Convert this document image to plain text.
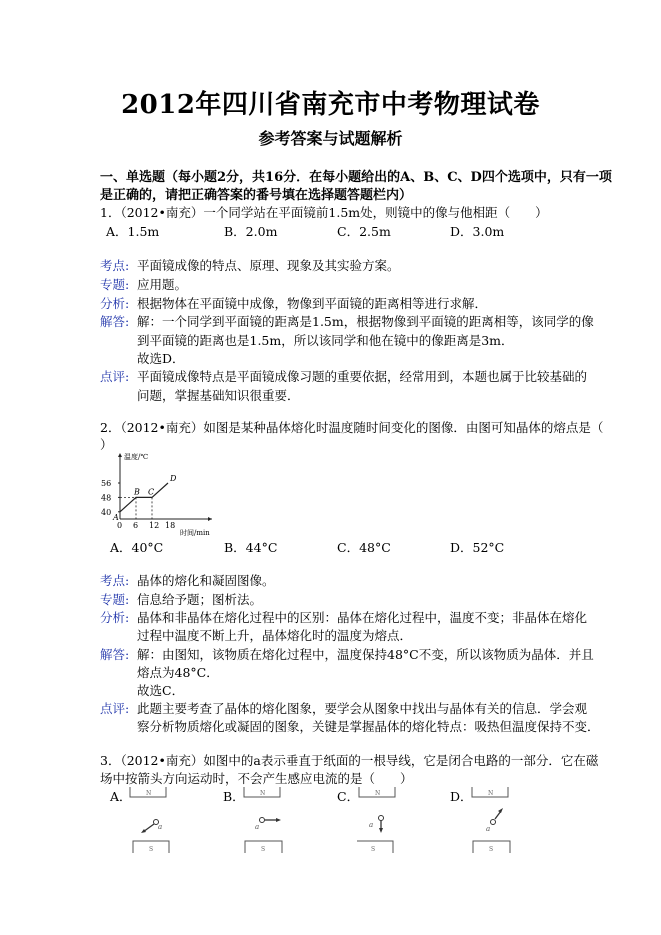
2012年四川省南充市中考物理试卷
参考答案与试题解析
一、单选题（每小题2分，共16分．在每小题给出的A、B、C、D四个选项中，只有一项
是正确的，请把正确答案的番号填在选择题答题栏内）
1．（2012•南充）一个同学站在平面镜前1.5m处，则镜中的像与他相距（　　）
A．1.5m	B．2.0m	C．2.5m	D．3.0m
考点: 平面镜成像的特点、原理、现象及其实验方案。
专题: 应用题。
分析: 根据物体在平面镜中成像，物像到平面镜的距离相等进行求解．
解答: 解：一个同学到平面镜的距离是1.5m，根据物像到平面镜的距离相等，该同学的像
到平面镜的距离也是1.5m，所以该同学和他在镜中的像距离是3m．
故选D．
点评: 平面镜成像特点是平面镜成像习题的重要依据，经常用到，本题也属于比较基础的
问题，掌握基础知识很重要．
2．（2012•南充）如图是某种晶体熔化时温度随时间变化的图像．由图可知晶体的熔点是（
）
温度/℃
时间/min
0 6 12 18
40
48
56
A
B C
D
A．40°C	B．44°C	C．48°C	D．52°C
考点: 晶体的熔化和凝固图像。
专题: 信息给予题；图析法。
分析: 晶体和非晶体在熔化过程中的区别：晶体在熔化过程中，温度不变；非晶体在熔化
过程中温度不断上升，晶体熔化时的温度为熔点．
解答: 解：由图知，该物质在熔化过程中，温度保持48°C不变，所以该物质为晶体．并且
熔点为48°C．
故选C．
点评: 此题主要考查了晶体的熔化图象，要学会从图象中找出与晶体有关的信息．学会观
察分析物质熔化或凝固的图象，关键是掌握晶体的熔化特点：吸热但温度保持不变．
3．（2012•南充）如图中的a表示垂直于纸面的一根导线，它是闭合电路的一部分．它在磁
场中按箭头方向运动时，不会产生感应电流的是（　　）
A．	B．	C．	D．
N
a
S
N
a
S
N
a
S
N
a
S
